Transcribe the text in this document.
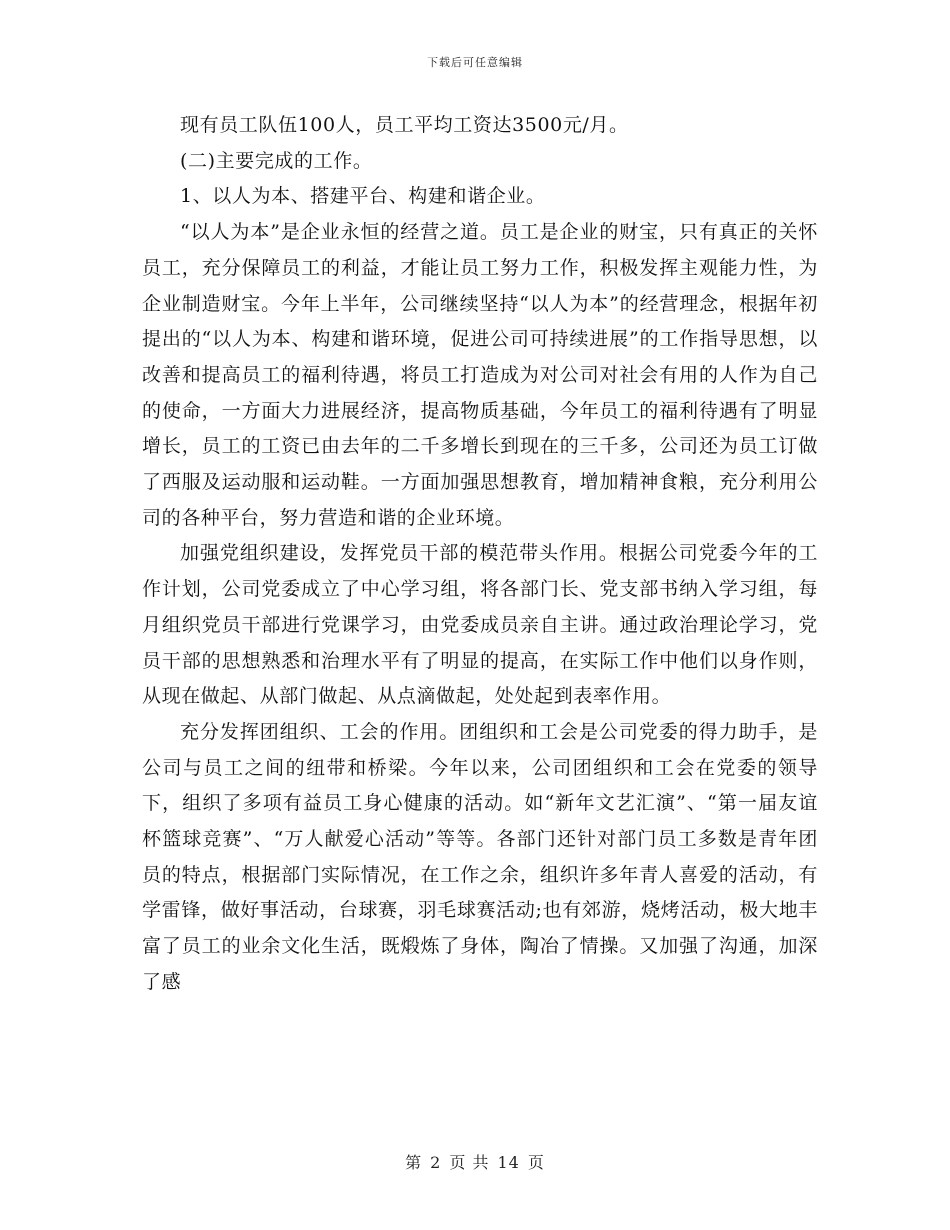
下载后可任意编辑

现有员工队伍100人，员工平均工资达3500元/月。

(二)主要完成的工作。

1、以人为本、搭建平台、构建和谐企业。

“以人为本”是企业永恒的经营之道。员工是企业的财宝，只有真正的关怀员工，充分保障员工的利益，才能让员工努力工作，积极发挥主观能力性，为企业制造财宝。今年上半年，公司继续坚持“以人为本”的经营理念，根据年初提出的“以人为本、构建和谐环境，促进公司可持续进展”的工作指导思想，以改善和提高员工的福利待遇，将员工打造成为对公司对社会有用的人作为自己的使命，一方面大力进展经济，提高物质基础，今年员工的福利待遇有了明显增长，员工的工资已由去年的二千多增长到现在的三千多，公司还为员工订做了西服及运动服和运动鞋。一方面加强思想教育，增加精神食粮，充分利用公司的各种平台，努力营造和谐的企业环境。

加强党组织建设，发挥党员干部的模范带头作用。根据公司党委今年的工作计划，公司党委成立了中心学习组，将各部门长、党支部书纳入学习组，每月组织党员干部进行党课学习，由党委成员亲自主讲。通过政治理论学习，党员干部的思想熟悉和治理水平有了明显的提高，在实际工作中他们以身作则，从现在做起、从部门做起、从点滴做起，处处起到表率作用。

充分发挥团组织、工会的作用。团组织和工会是公司党委的得力助手，是公司与员工之间的纽带和桥梁。今年以来，公司团组织和工会在党委的领导下，组织了多项有益员工身心健康的活动。如“新年文艺汇演”、“第一届友谊杯篮球竞赛”、“万人献爱心活动”等等。各部门还针对部门员工多数是青年团员的特点，根据部门实际情况，在工作之余，组织许多年青人喜爱的活动，有学雷锋，做好事活动，台球赛，羽毛球赛活动;也有郊游，烧烤活动，极大地丰富了员工的业余文化生活，既煅炼了身体，陶冶了情操。又加强了沟通，加深了感

第 2 页 共 14 页
